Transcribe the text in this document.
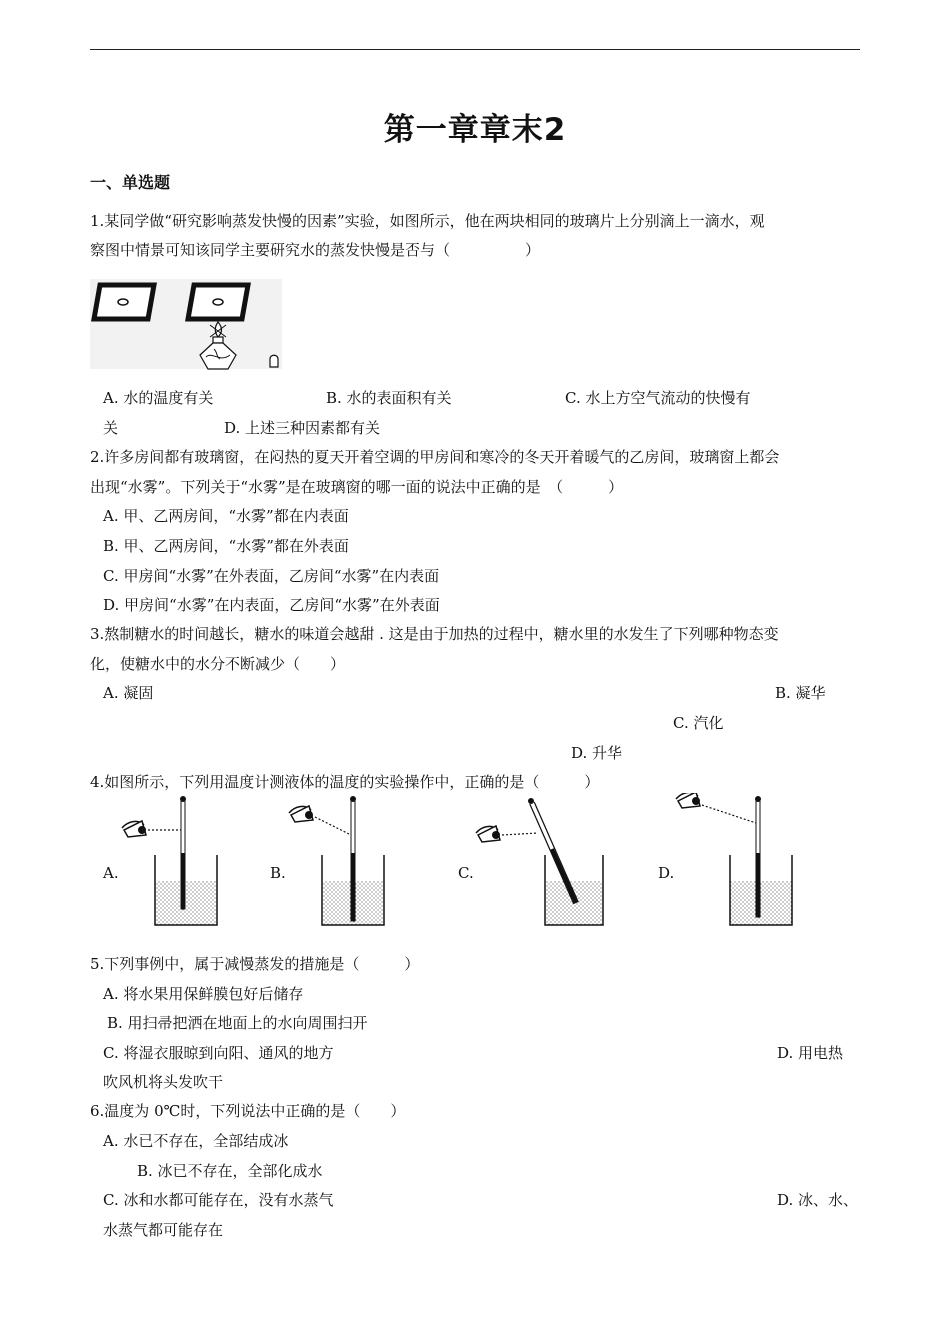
第一章章末2
一、单选题
1.某同学做“研究影响蒸发快慢的因素”实验，如图所示，他在两块相同的玻璃片上分别滴上一滴水，观
察图中情景可知该同学主要研究水的蒸发快慢是否与（　　　　　）
A. 水的温度有关	B. 水的表面积有关	C. 水上方空气流动的快慢有
关	D. 上述三种因素都有关
2.许多房间都有玻璃窗，在闷热的夏天开着空调的甲房间和寒冷的冬天开着暖气的乙房间，玻璃窗上都会
出现“水雾”。下列关于“水雾”是在玻璃窗的哪一面的说法中正确的是　（　　　）
A. 甲、乙两房间，“水雾”都在内表面
B. 甲、乙两房间，“水雾”都在外表面
C. 甲房间“水雾”在外表面，乙房间“水雾”在内表面
D. 甲房间“水雾”在内表面，乙房间“水雾”在外表面
3.熬制糖水的时间越长，糖水的味道会越甜 . 这是由于加热的过程中，糖水里的水发生了下列哪种物态变
化，使糖水中的水分不断减少（　　）
A. 凝固	B. 凝华
C. 汽化
D. 升华
4.如图所示，下列用温度计测液体的温度的实验操作中，正确的是（　　　）
A.	B.	C.	D.
5.下列事例中，属于减慢蒸发的措施是（　　　）
A. 将水果用保鲜膜包好后储存
B. 用扫帚把洒在地面上的水向周围扫开
C. 将湿衣服晾到向阳、通风的地方	D. 用电热
吹风机将头发吹干
6.温度为 0℃时，下列说法中正确的是（　　）
A. 水已不存在，全部结成冰
B. 冰已不存在，全部化成水
C. 冰和水都可能存在，没有水蒸气	D. 冰、水、
水蒸气都可能存在
